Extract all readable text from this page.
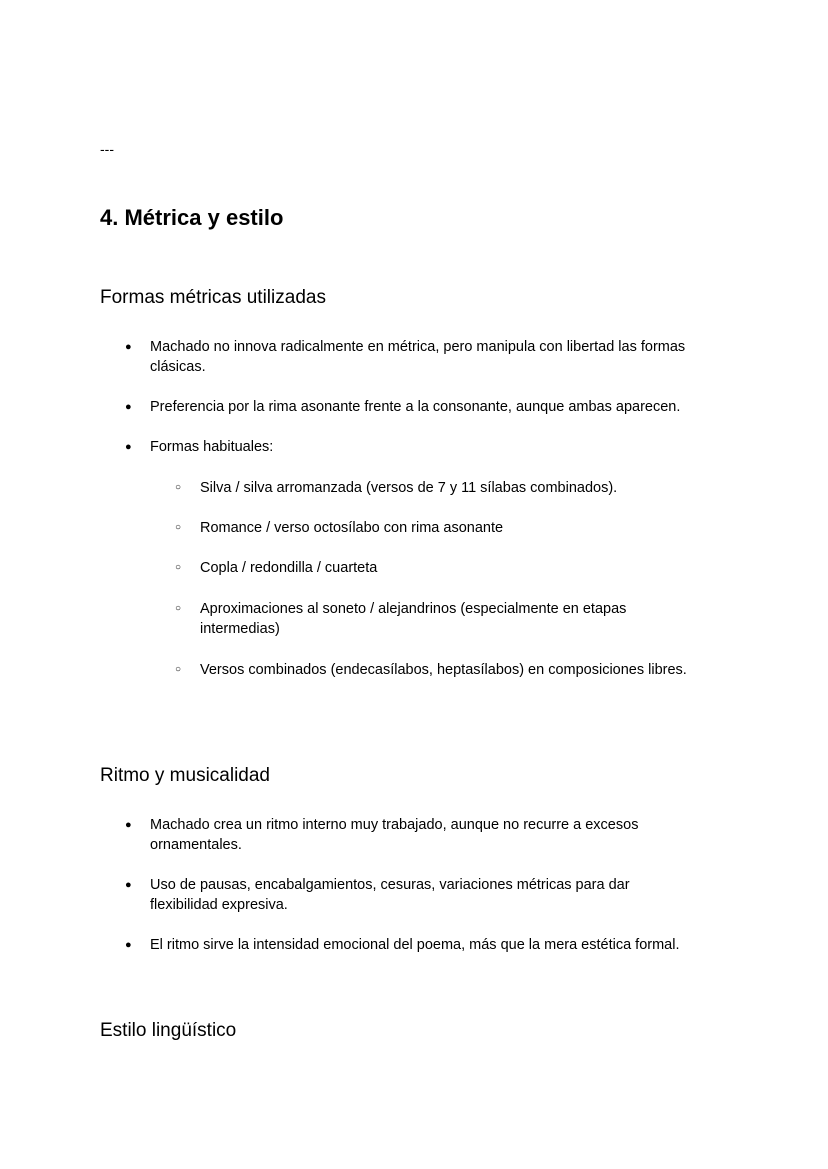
---
4. Métrica y estilo
Formas métricas utilizadas
● Machado no innova radicalmente en métrica, pero manipula con libertad las formas clásicas.
● Preferencia por la rima asonante frente a la consonante, aunque ambas aparecen.
● Formas habituales:
○ Silva / silva arromanzada (versos de 7 y 11 sílabas combinados).
○ Romance / verso octosílabo con rima asonante
○ Copla / redondilla / cuarteta
○ Aproximaciones al soneto / alejandrinos (especialmente en etapas intermedias)
○ Versos combinados (endecasílabos, heptasílabos) en composiciones libres.
Ritmo y musicalidad
● Machado crea un ritmo interno muy trabajado, aunque no recurre a excesos ornamentales.
● Uso de pausas, encabalgamientos, cesuras, variaciones métricas para dar flexibilidad expresiva.
● El ritmo sirve la intensidad emocional del poema, más que la mera estética formal.
Estilo lingüístico
